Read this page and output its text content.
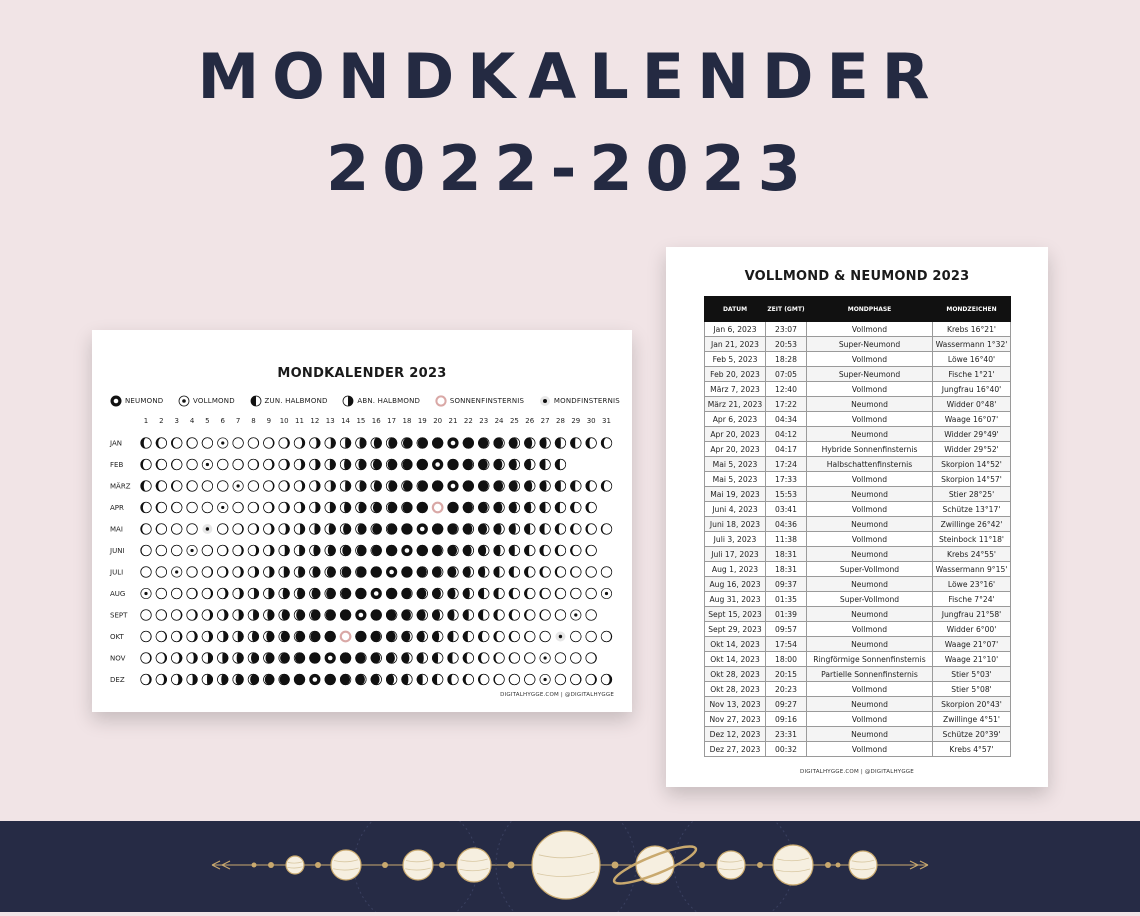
MONDKALENDER
2022-2023
MONDKALENDER 2023
NEUMOND	VOLLMOND	ZUN. HALBMOND	ABN. HALBMOND	SONNENFINSTERNIS	MONDFINSTERNIS
1 2 3 4 5 6 7 8 9 10 11 12 13 14 15 16 17 18 19 20 21 22 23 24 25 26 27 28 29 30 31
JAN
FEB
MÄRZ
APR
MAI
JUNI
JULI
AUG
SEPT
OKT
NOV
DEZ
DIGITALHYGGE.COM | @DIGITALHYGGE
VOLLMOND & NEUMOND 2023
DATUM	ZEIT (GMT)	MONDPHASE	MONDZEICHEN
Jan 6, 2023	23:07	Vollmond	Krebs 16°21'
Jan 21, 2023	20:53	Super-Neumond	Wassermann 1°32'
Feb 5, 2023	18:28	Vollmond	Löwe 16°40'
Feb 20, 2023	07:05	Super-Neumond	Fische 1°21'
März 7, 2023	12:40	Vollmond	Jungfrau 16°40'
März 21, 2023	17:22	Neumond	Widder 0°48'
Apr 6, 2023	04:34	Vollmond	Waage 16°07'
Apr 20, 2023	04:12	Neumond	Widder 29°49'
Apr 20, 2023	04:17	Hybride Sonnenfinsternis	Widder 29°52'
Mai 5, 2023	17:24	Halbschattenfinsternis	Skorpion 14°52'
Mai 5, 2023	17:33	Vollmond	Skorpion 14°57'
Mai 19, 2023	15:53	Neumond	Stier 28°25'
Juni 4, 2023	03:41	Vollmond	Schütze 13°17'
Juni 18, 2023	04:36	Neumond	Zwillinge 26°42'
Juli 3, 2023	11:38	Vollmond	Steinbock 11°18'
Juli 17, 2023	18:31	Neumond	Krebs 24°55'
Aug 1, 2023	18:31	Super-Vollmond	Wassermann 9°15'
Aug 16, 2023	09:37	Neumond	Löwe 23°16'
Aug 31, 2023	01:35	Super-Vollmond	Fische 7°24'
Sept 15, 2023	01:39	Neumond	Jungfrau 21°58'
Sept 29, 2023	09:57	Vollmond	Widder 6°00'
Okt 14, 2023	17:54	Neumond	Waage 21°07'
Okt 14, 2023	18:00	Ringförmige Sonnenfinsternis	Waage 21°10'
Okt 28, 2023	20:15	Partielle Sonnenfinsternis	Stier 5°03'
Okt 28, 2023	20:23	Vollmond	Stier 5°08'
Nov 13, 2023	09:27	Neumond	Skorpion 20°43'
Nov 27, 2023	09:16	Vollmond	Zwillinge 4°51'
Dez 12, 2023	23:31	Neumond	Schütze 20°39'
Dez 27, 2023	00:32	Vollmond	Krebs 4°57'
DIGITALHYGGE.COM | @DIGITALHYGGE
